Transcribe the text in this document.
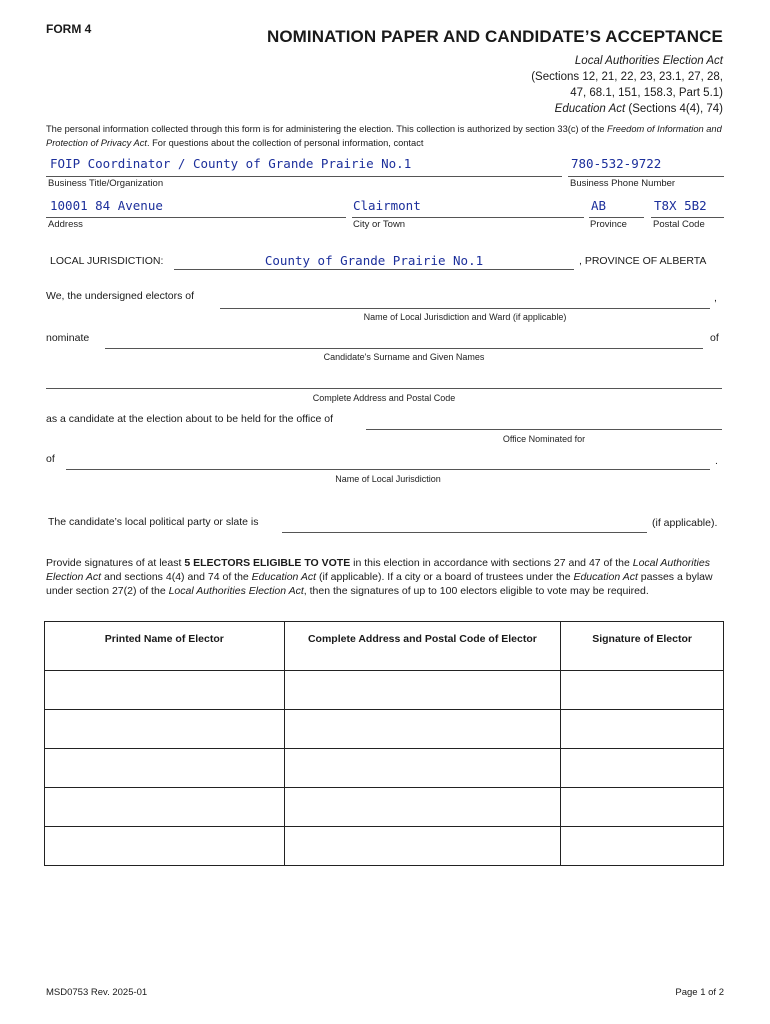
FORM 4	NOMINATION PAPER AND CANDIDATE’S ACCEPTANCE
Local Authorities Election Act
(Sections 12, 21, 22, 23, 23.1, 27, 28,
47, 68.1, 151, 158.3, Part 5.1)
Education Act (Sections 4(4), 74)
The personal information collected through this form is for administering the election. This collection is authorized by section 33(c) of the Freedom of Information and Protection of Privacy Act. For questions about the collection of personal information, contact
FOIP Coordinator / County of Grande Prairie No.1
Business Title/Organization
780-532-9722
Business Phone Number
10001 84 Avenue
Address
Clairmont
City or Town
AB
Province
T8X 5B2
Postal Code
LOCAL JURISDICTION:	County of Grande Prairie No.1	, PROVINCE OF ALBERTA
We, the undersigned electors of	,
Name of Local Jurisdiction and Ward (if applicable)
nominate	of
Candidate's Surname and Given Names
Complete Address and Postal Code
as a candidate at the election about to be held for the office of
Office Nominated for
of	.
Name of Local Jurisdiction
The candidate’s local political party or slate is	(if applicable).
Provide signatures of at least 5 ELECTORS ELIGIBLE TO VOTE in this election in accordance with sections 27 and 47 of the Local Authorities Election Act and sections 4(4) and 74 of the Education Act (if applicable). If a city or a board of trustees under the Education Act passes a bylaw under section 27(2) of the Local Authorities Election Act, then the signatures of up to 100 electors eligible to vote may be required.
Printed Name of Elector	Complete Address and Postal Code of Elector	Signature of Elector

MSD0753 Rev. 2025-01	Page 1 of 2
